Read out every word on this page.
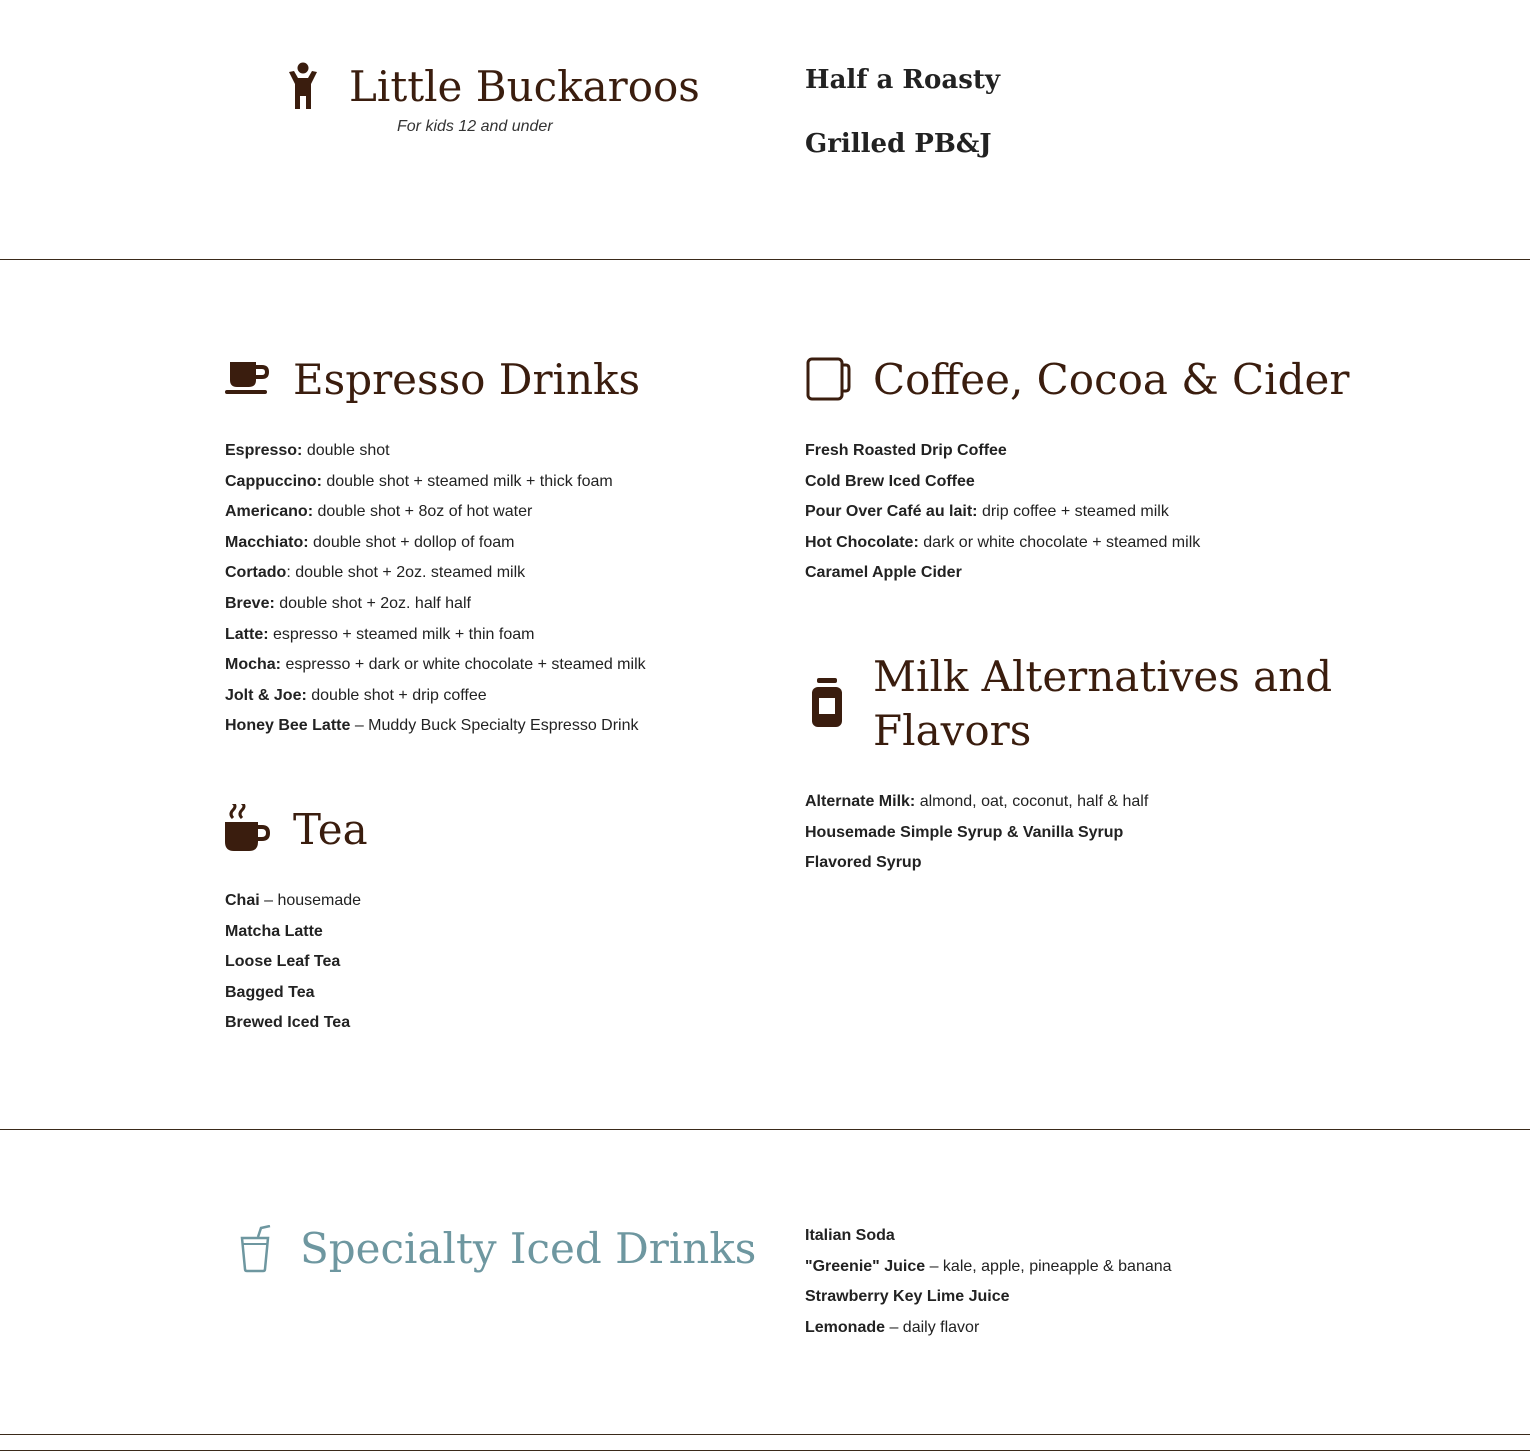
Little Buckaroos
For kids 12 and under
Half a Roasty
Grilled PB&J
Espresso Drinks
Espresso: double shot
Cappuccino: double shot + steamed milk + thick foam
Americano: double shot + 8oz of hot water
Macchiato: double shot + dollop of foam
Cortado: double shot + 2oz. steamed milk
Breve: double shot + 2oz. half half
Latte: espresso + steamed milk + thin foam
Mocha: espresso + dark or white chocolate + steamed milk
Jolt & Joe: double shot + drip coffee
Honey Bee Latte – Muddy Buck Specialty Espresso Drink
Coffee, Cocoa & Cider
Fresh Roasted Drip Coffee
Cold Brew Iced Coffee
Pour Over Café au lait: drip coffee + steamed milk
Hot Chocolate: dark or white chocolate + steamed milk
Caramel Apple Cider
Milk Alternatives and
Flavors
Alternate Milk: almond, oat, coconut, half & half
Housemade Simple Syrup & Vanilla Syrup
Flavored Syrup
Tea
Chai – housemade
Matcha Latte
Loose Leaf Tea
Bagged Tea
Brewed Iced Tea
Specialty Iced Drinks	Italian Soda
"Greenie" Juice – kale, apple, pineapple & banana
Strawberry Key Lime Juice
Lemonade – daily flavor
